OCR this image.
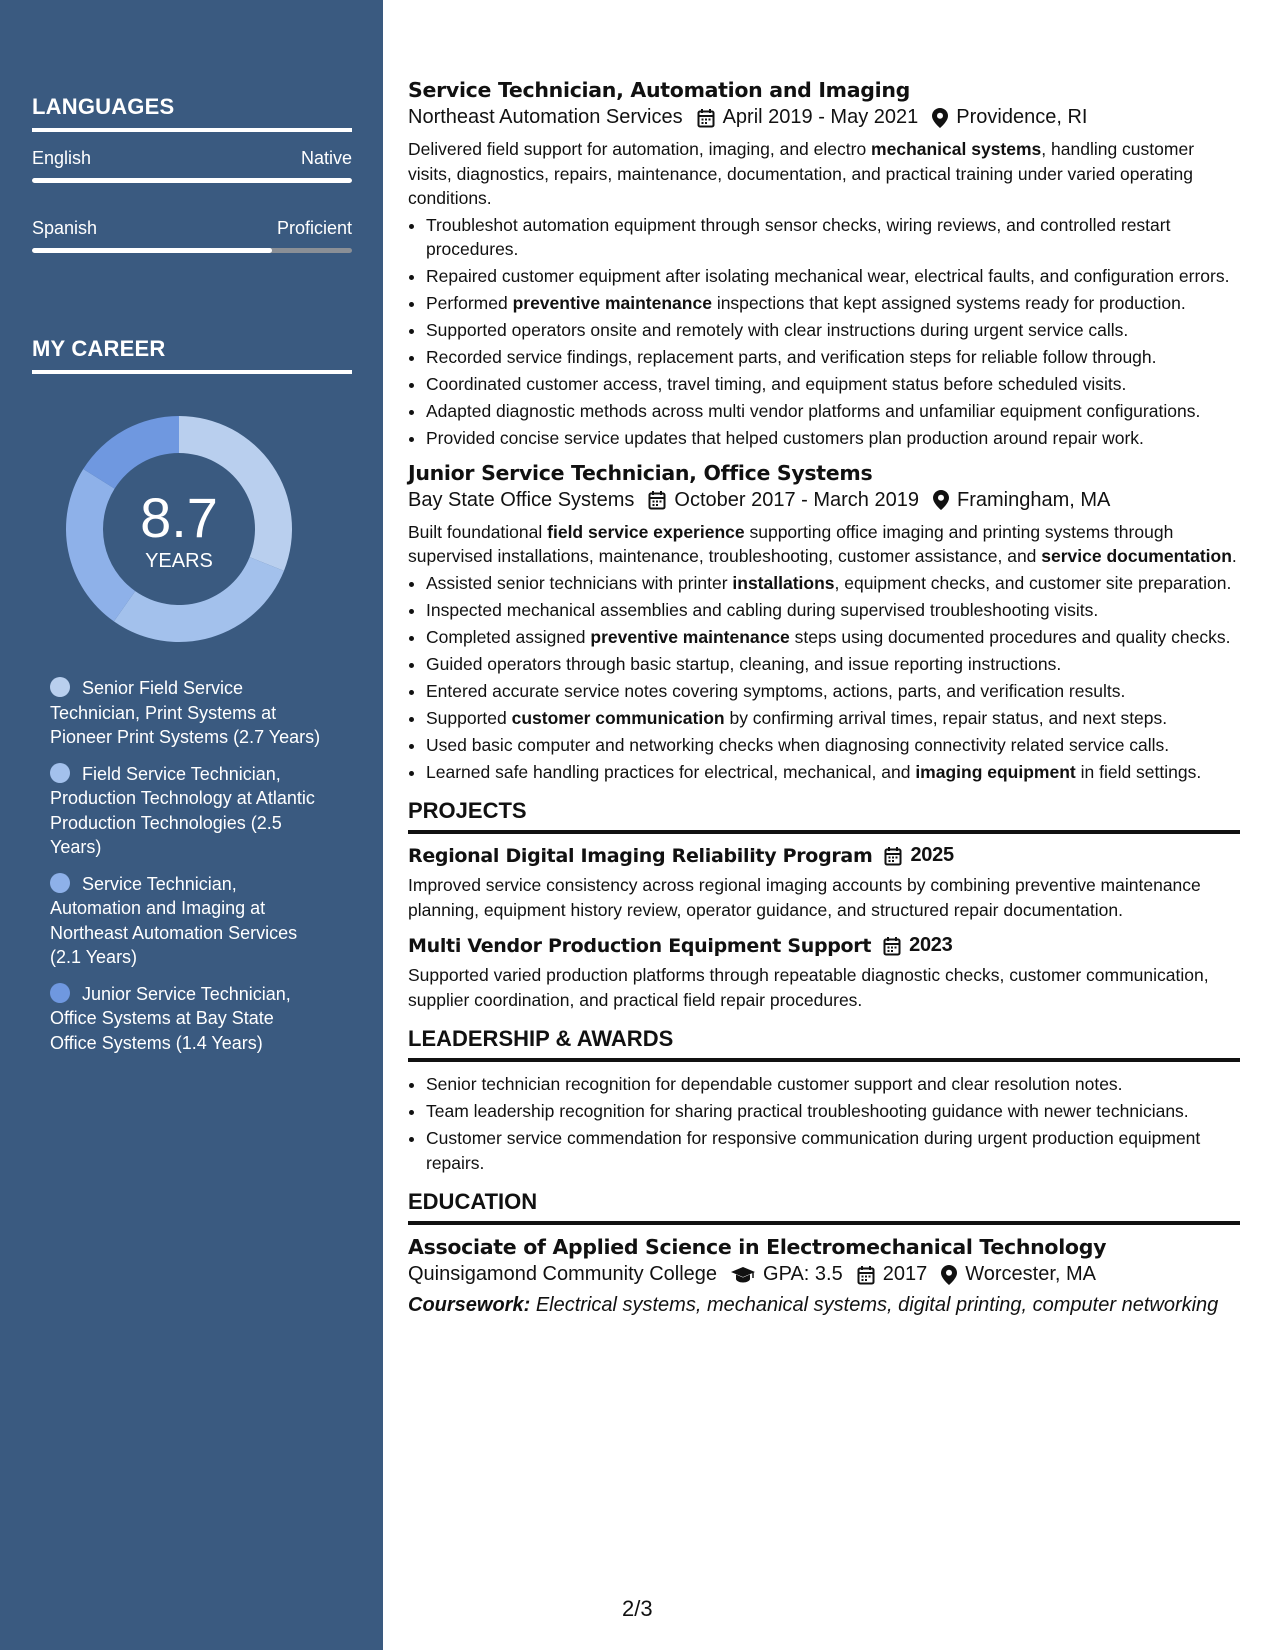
LANGUAGES
English	Native
Spanish	Proficient
MY CAREER
8.7
YEARS
Senior Field Service Technician, Print Systems at Pioneer Print Systems (2.7 Years)
Field Service Technician, Production Technology at Atlantic Production Technologies (2.5 Years)
Service Technician, Automation and Imaging at Northeast Automation Services (2.1 Years)
Junior Service Technician, Office Systems at Bay State Office Systems (1.4 Years)
Service Technician, Automation and Imaging
Northeast Automation Services April 2019 - May 2021 Providence, RI

Delivered field support for automation, imaging, and electro mechanical systems, handling customer visits, diagnostics, repairs, maintenance, documentation, and practical training under varied operating conditions.

• Troubleshot automation equipment through sensor checks, wiring reviews, and controlled restart procedures.
• Repaired customer equipment after isolating mechanical wear, electrical faults, and configuration errors.
• Performed preventive maintenance inspections that kept assigned systems ready for production.
• Supported operators onsite and remotely with clear instructions during urgent service calls.
• Recorded service findings, replacement parts, and verification steps for reliable follow through.
• Coordinated customer access, travel timing, and equipment status before scheduled visits.
• Adapted diagnostic methods across multi vendor platforms and unfamiliar equipment configurations.
• Provided concise service updates that helped customers plan production around repair work.
Junior Service Technician, Office Systems
Bay State Office Systems October 2017 - March 2019 Framingham, MA

Built foundational field service experience supporting office imaging and printing systems through supervised installations, maintenance, troubleshooting, customer assistance, and service documentation.

• Assisted senior technicians with printer installations, equipment checks, and customer site preparation.
• Inspected mechanical assemblies and cabling during supervised troubleshooting visits.
• Completed assigned preventive maintenance steps using documented procedures and quality checks.
• Guided operators through basic startup, cleaning, and issue reporting instructions.
• Entered accurate service notes covering symptoms, actions, parts, and verification results.
• Supported customer communication by confirming arrival times, repair status, and next steps.
• Used basic computer and networking checks when diagnosing connectivity related service calls.
• Learned safe handling practices for electrical, mechanical, and imaging equipment in field settings.
PROJECTS
Regional Digital Imaging Reliability Program 2025

Improved service consistency across regional imaging accounts by combining preventive maintenance planning, equipment history review, operator guidance, and structured repair documentation.

Multi Vendor Production Equipment Support 2023

Supported varied production platforms through repeatable diagnostic checks, customer communication, supplier coordination, and practical field repair procedures.

LEADERSHIP & AWARDS
• Senior technician recognition for dependable customer support and clear resolution notes.
• Team leadership recognition for sharing practical troubleshooting guidance with newer technicians.
• Customer service commendation for responsive communication during urgent production equipment repairs.
EDUCATION
Associate of Applied Science in Electromechanical Technology
Quinsigamond Community College GPA: 3.5 2017 Worcester, MA
Coursework: Electrical systems, mechanical systems, digital printing, computer networking
2/3
